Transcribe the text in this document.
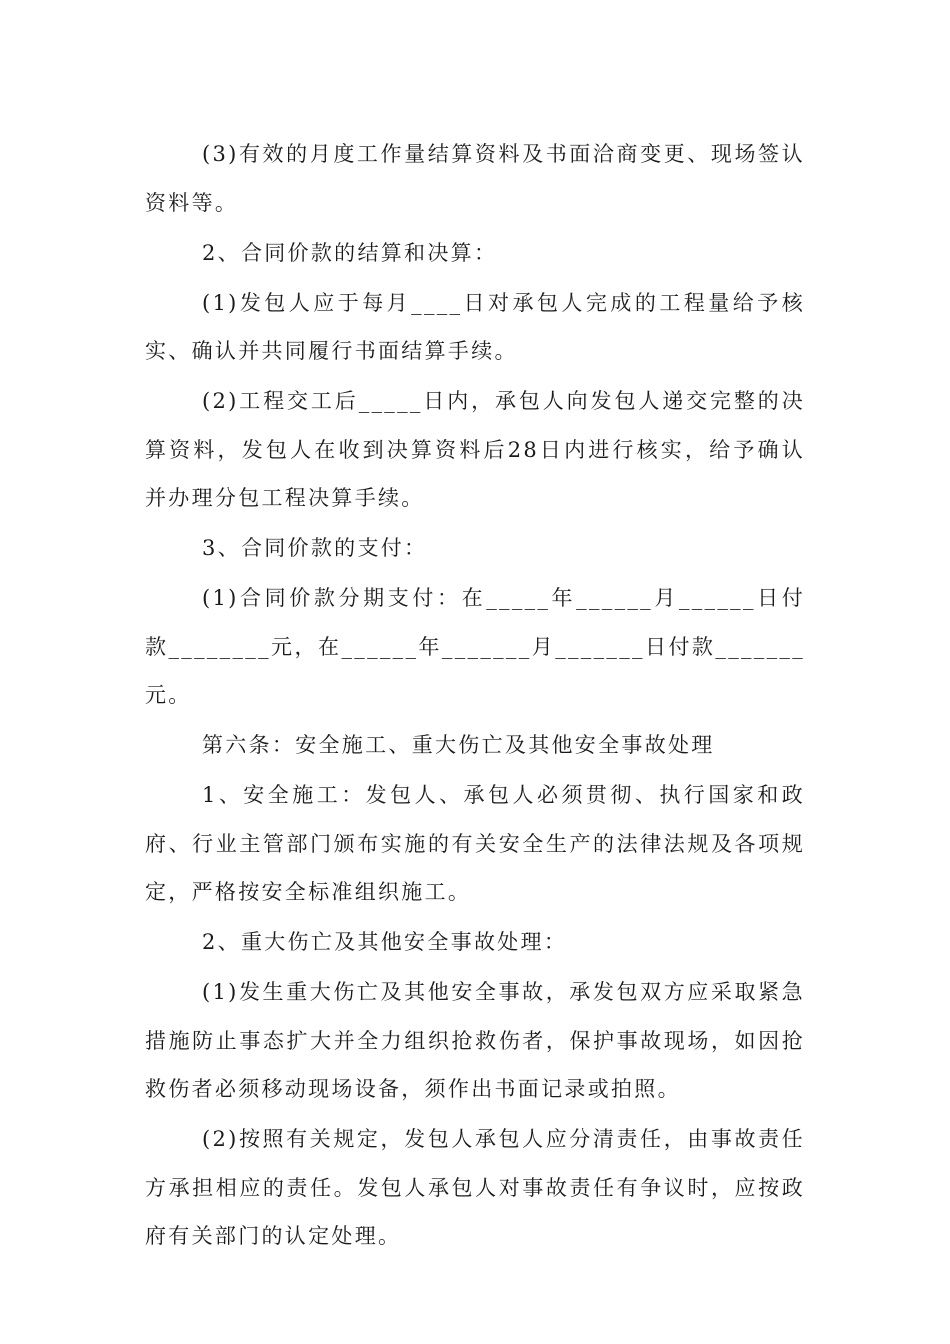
(3)有效的月度工作量结算资料及书面洽商变更、现场签认资料等。

2、合同价款的结算和决算：

(1)发包人应于每月____日对承包人完成的工程量给予核实、确认并共同履行书面结算手续。

(2)工程交工后_____日内，承包人向发包人递交完整的决算资料，发包人在收到决算资料后28日内进行核实，给予确认并办理分包工程决算手续。

3、合同价款的支付：

(1)合同价款分期支付：在_____年______月______日付款________元，在______年_______月_______日付款_______元。

第六条：安全施工、重大伤亡及其他安全事故处理

1、安全施工：发包人、承包人必须贯彻、执行国家和政府、行业主管部门颁布实施的有关安全生产的法律法规及各项规定，严格按安全标准组织施工。

2、重大伤亡及其他安全事故处理：

(1)发生重大伤亡及其他安全事故，承发包双方应采取紧急措施防止事态扩大并全力组织抢救伤者，保护事故现场，如因抢救伤者必须移动现场设备，须作出书面记录或拍照。

(2)按照有关规定，发包人承包人应分清责任，由事故责任方承担相应的责任。发包人承包人对事故责任有争议时，应按政府有关部门的认定处理。
